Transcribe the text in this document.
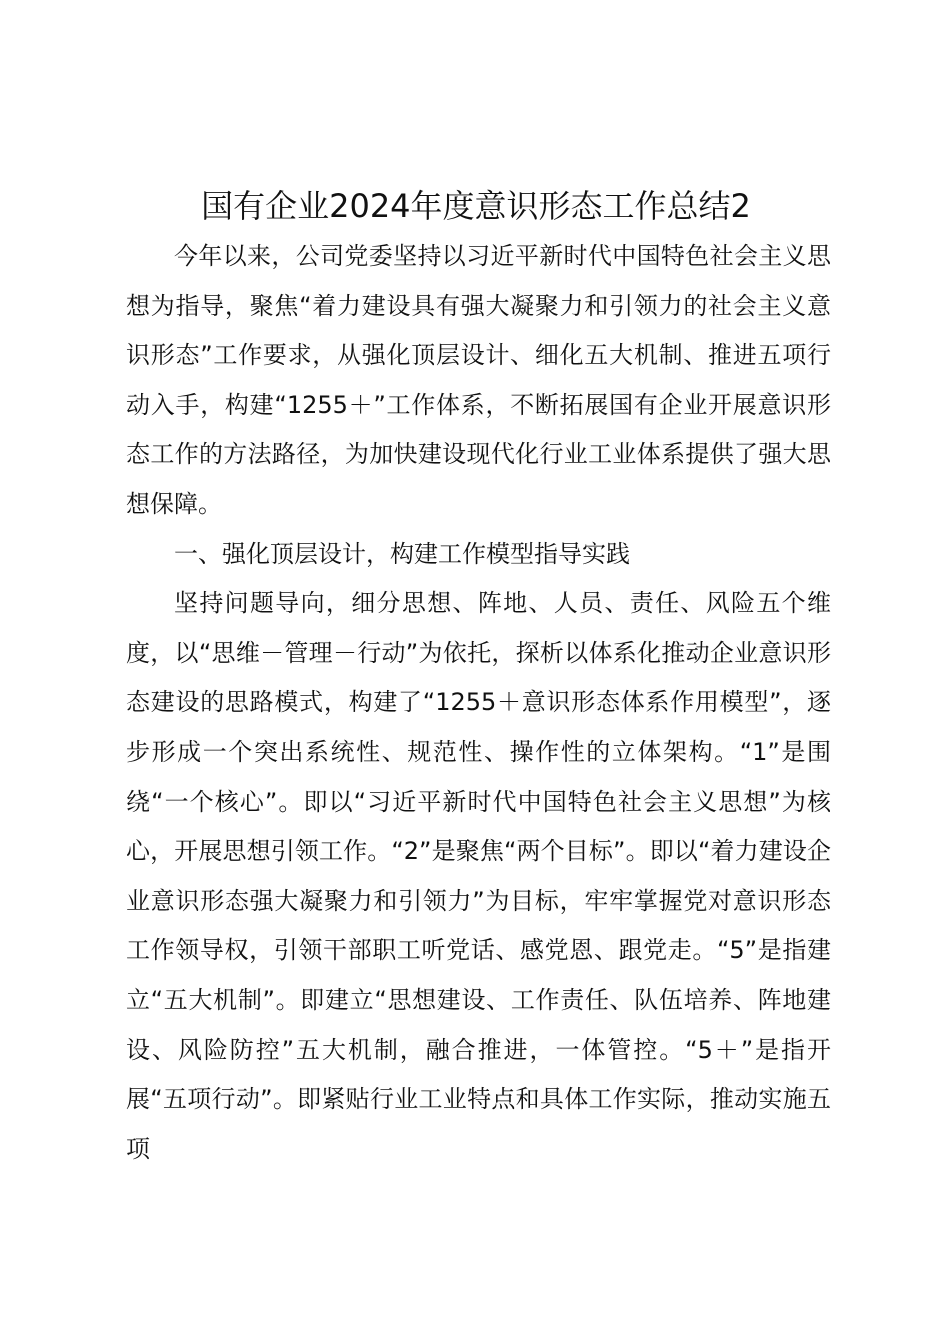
国有企业2024年度意识形态工作总结2

今年以来，公司党委坚持以习近平新时代中国特色社会主义思想为指导，聚焦“着力建设具有强大凝聚力和引领力的社会主义意识形态”工作要求，从强化顶层设计、细化五大机制、推进五项行动入手，构建“1255＋”工作体系，不断拓展国有企业开展意识形态工作的方法路径，为加快建设现代化行业工业体系提供了强大思想保障。

一、强化顶层设计，构建工作模型指导实践

坚持问题导向，细分思想、阵地、人员、责任、风险五个维度，以“思维－管理－行动”为依托，探析以体系化推动企业意识形态建设的思路模式，构建了“1255＋意识形态体系作用模型”，逐步形成一个突出系统性、规范性、操作性的立体架构。“1”是围绕“一个核心”。即以“习近平新时代中国特色社会主义思想”为核心，开展思想引领工作。“2”是聚焦“两个目标”。即以“着力建设企业意识形态强大凝聚力和引领力”为目标，牢牢掌握党对意识形态工作领导权，引领干部职工听党话、感党恩、跟党走。“5”是指建立“五大机制”。即建立“思想建设、工作责任、队伍培养、阵地建设、风险防控”五大机制，融合推进，一体管控。“5＋”是指开展“五项行动”。即紧贴行业工业特点和具体工作实际，推动实施五项
